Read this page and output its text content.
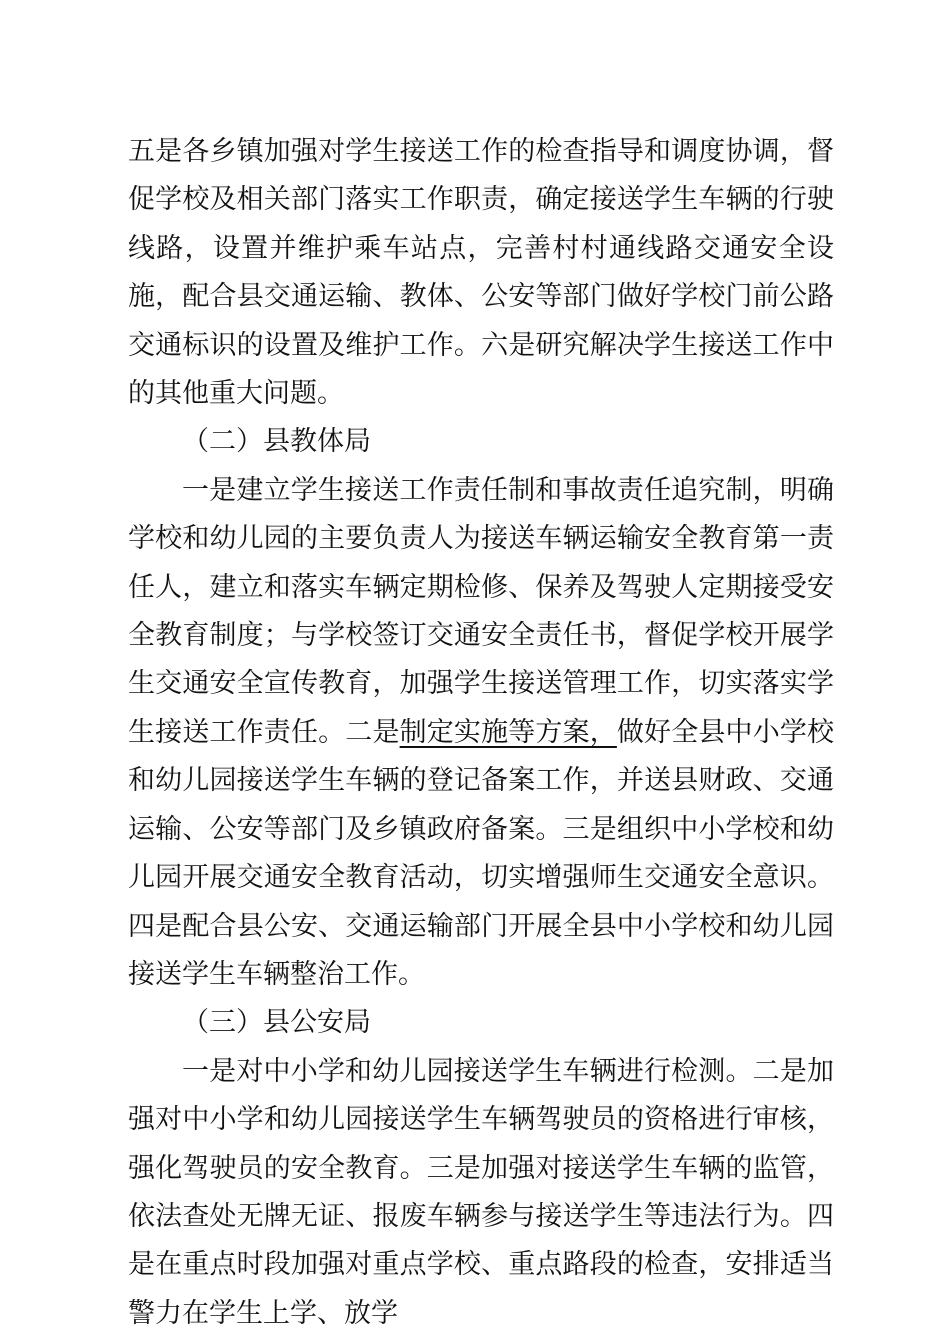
五是各乡镇加强对学生接送工作的检查指导和调度协调，督促学校及相关部门落实工作职责，确定接送学生车辆的行驶线路，设置并维护乘车站点，完善村村通线路交通安全设施，配合县交通运输、教体、公安等部门做好学校门前公路交通标识的设置及维护工作。六是研究解决学生接送工作中的其他重大问题。

（二）县教体局

一是建立学生接送工作责任制和事故责任追究制，明确学校和幼儿园的主要负责人为接送车辆运输安全教育第一责任人，建立和落实车辆定期检修、保养及驾驶人定期接受安全教育制度；与学校签订交通安全责任书，督促学校开展学生交通安全宣传教育，加强学生接送管理工作，切实落实学生接送工作责任。二是制定实施等方案，做好全县中小学校和幼儿园接送学生车辆的登记备案工作，并送县财政、交通运输、公安等部门及乡镇政府备案。三是组织中小学校和幼儿园开展交通安全教育活动，切实增强师生交通安全意识。四是配合县公安、交通运输部门开展全县中小学校和幼儿园接送学生车辆整治工作。

（三）县公安局

一是对中小学和幼儿园接送学生车辆进行检测。二是加强对中小学和幼儿园接送学生车辆驾驶员的资格进行审核，强化驾驶员的安全教育。三是加强对接送学生车辆的监管，依法查处无牌无证、报废车辆参与接送学生等违法行为。四是在重点时段加强对重点学校、重点路段的检查，安排适当警力在学生上学、放学
